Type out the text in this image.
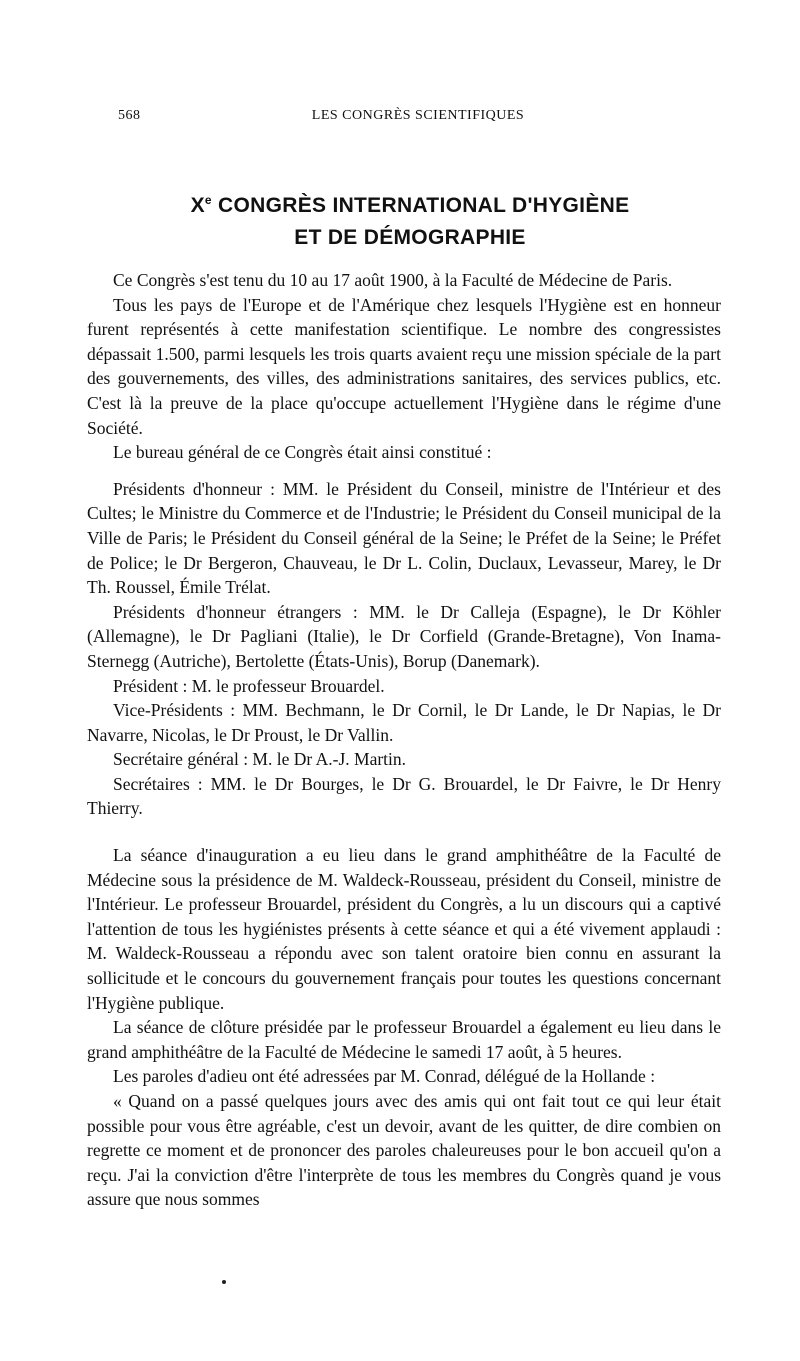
568	LES CONGRÈS SCIENTIFIQUES
Xe CONGRÈS INTERNATIONAL D'HYGIÈNE
ET DE DÉMOGRAPHIE

Ce Congrès s'est tenu du 10 au 17 août 1900, à la Faculté de Médecine de Paris.

Tous les pays de l'Europe et de l'Amérique chez lesquels l'Hygiène est en honneur furent représentés à cette manifestation scientifique. Le nombre des congressistes dépassait 1.500, parmi lesquels les trois quarts avaient reçu une mission spéciale de la part des gouvernements, des villes, des administrations sanitaires, des services publics, etc. C'est là la preuve de la place qu'occupe actuellement l'Hygiène dans le régime d'une Société.

Le bureau général de ce Congrès était ainsi constitué :

Présidents d'honneur : MM. le Président du Conseil, ministre de l'Intérieur et des Cultes; le Ministre du Commerce et de l'Industrie; le Président du Conseil municipal de la Ville de Paris; le Président du Conseil général de la Seine; le Préfet de la Seine; le Préfet de Police; le Dr Bergeron, Chauveau, le Dr L. Colin, Duclaux, Levasseur, Marey, le Dr Th. Roussel, Émile Trélat.

Présidents d'honneur étrangers : MM. le Dr Calleja (Espagne), le Dr Köhler (Allemagne), le Dr Pagliani (Italie), le Dr Corfield (Grande-Bretagne), Von Inama-Sternegg (Autriche), Bertolette (États-Unis), Borup (Danemark).

Président : M. le professeur Brouardel.

Vice-Présidents : MM. Bechmann, le Dr Cornil, le Dr Lande, le Dr Napias, le Dr Navarre, Nicolas, le Dr Proust, le Dr Vallin.

Secrétaire général : M. le Dr A.-J. Martin.

Secrétaires : MM. le Dr Bourges, le Dr G. Brouardel, le Dr Faivre, le Dr Henry Thierry.

La séance d'inauguration a eu lieu dans le grand amphithéâtre de la Faculté de Médecine sous la présidence de M. Waldeck-Rousseau, président du Conseil, ministre de l'Intérieur. Le professeur Brouardel, président du Congrès, a lu un discours qui a captivé l'attention de tous les hygiénistes présents à cette séance et qui a été vivement applaudi : M. Waldeck-Rousseau a répondu avec son talent oratoire bien connu en assurant la sollicitude et le concours du gouvernement français pour toutes les questions concernant l'Hygiène publique.

La séance de clôture présidée par le professeur Brouardel a également eu lieu dans le grand amphithéâtre de la Faculté de Médecine le samedi 17 août, à 5 heures.

Les paroles d'adieu ont été adressées par M. Conrad, délégué de la Hollande :

« Quand on a passé quelques jours avec des amis qui ont fait tout ce qui leur était possible pour vous être agréable, c'est un devoir, avant de les quitter, de dire combien on regrette ce moment et de prononcer des paroles chaleureuses pour le bon accueil qu'on a reçu. J'ai la conviction d'être l'interprète de tous les membres du Congrès quand je vous assure que nous sommes
